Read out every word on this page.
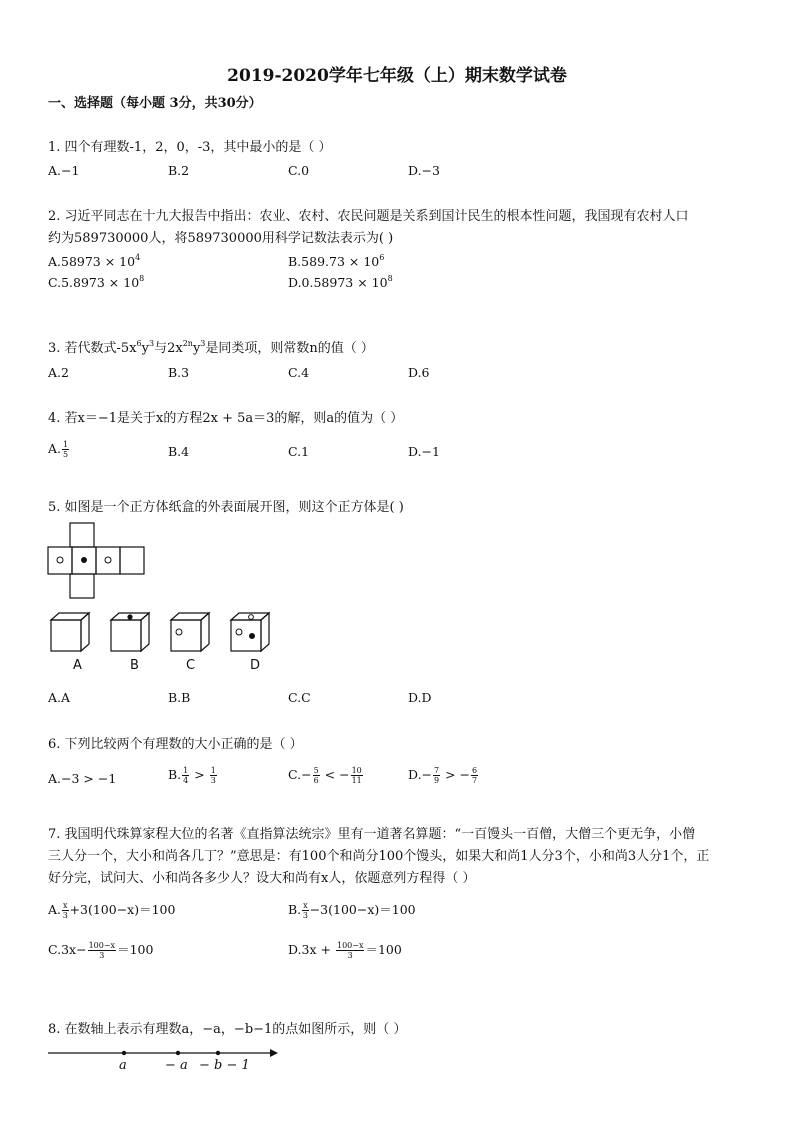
2019-2020学年七年级（上）期末数学试卷
一、选择题（每小题 3分，共30分）
1. 四个有理数-1，2，0，-3，其中最小的是（ ）
A.−1	B.2	C.0	D.−3
2. 习近平同志在十九大报告中指出：农业、农村、农民问题是关系到国计民生的根本性问题，我国现有农村人口
约为589730000人，将589730000用科学记数法表示为( )
$A.58973 \times 10^4$	$B.589.73 \times 10^6$
$C.5.8973 \times 10^8$	$D.0.58973 \times 10^8$
3. 若代数式$-5x^6y^3$与$2x^{2n}y^3$是同类项，则常数n的值（ ）
A.2	B.3	C.4	D.6
4. 若x＝−1是关于x的方程2x + 5a＝3的解，则a的值为（ ）
A. $\frac{1}{5}$	B.4	C.1	D.−1
5. 如图是一个正方体纸盒的外表面展开图，则这个正方体是( )
A	B	C	D
A.A	B.B	C.C	D.D
6. 下列比较两个有理数的大小正确的是（ ）
A.−3 > −1	B. $\frac{1}{4} > \frac{1}{3}$	$C.- \frac{5}{6}$ < − $\frac{10}{11}$	$D.- \frac{7}{9}$ > − $\frac{6}{7}$
7. 我国明代珠算家程大位的名著《直指算法统宗》里有一道著名算题：“一百馒头一百僧，大僧三个更无争，小僧
三人分一个，大小和尚各几丁？”意思是：有100个和尚分100个馒头，如果大和尚1人分3个，小和尚3人分1个，正
好分完，试问大、小和尚各多少人？设大和尚有x人，依题意列方程得（ ）
A. $\frac{x}{3} +3(100-x)=100$	B. $\frac{x}{3} -3(100-x)=100$
$C.3x- \frac{100-x}{3} =100$	$D.3x + \frac{100-x}{3} =100$
8. 在数轴上表示有理数a，−a，−b−1的点如图所示，则（ ）
a	− a − b − 1
